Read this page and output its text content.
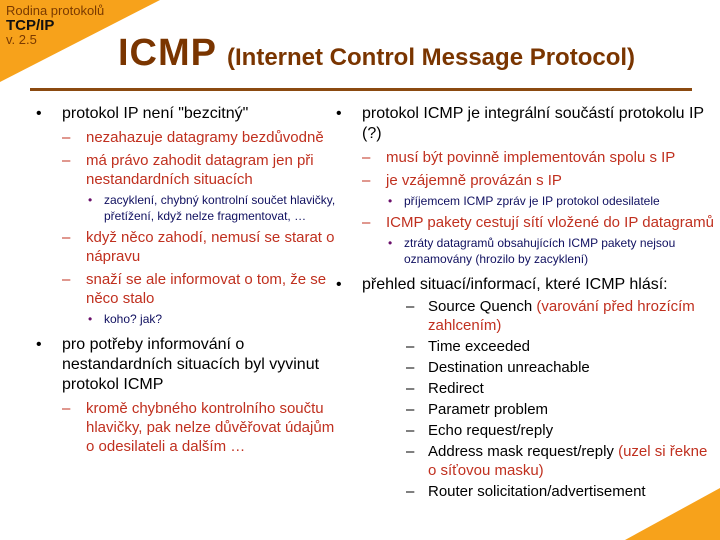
Rodina protokolů
TCP/IP
v. 2.5	ICMP (Internet Control Message Protocol)
• protokol IP není "bezcitný"
– nezahazuje datagramy bezdůvodně
– má právo zahodit datagram jen při nestandardních situacích
• zacyklení, chybný kontrolní součet hlavičky, přetížení, když nelze fragmentovat, …
– když něco zahodí, nemusí se starat o nápravu
– snaží se ale informovat o tom, že se něco stalo
• koho? jak?
• pro potřeby informování o nestandardních situacích byl vyvinut protokol ICMP
– kromě chybného kontrolního součtu hlavičky, pak nelze důvěřovat údajům o odesilateli a dalším …
• protokol ICMP je integrální součástí protokolu IP (?)
– musí být povinně implementován spolu s IP
– je vzájemně provázán s IP
• příjemcem ICMP zpráv je IP protokol odesilatele
– ICMP pakety cestují sítí vložené do IP datagramů
• ztráty datagramů obsahujících ICMP pakety nejsou oznamovány (hrozilo by zacyklení)
• přehled situací/informací, které ICMP hlásí:
– Source Quench (varování před hrozícím zahlcením)
– Time exceeded
– Destination unreachable
– Redirect
– Parametr problem
– Echo request/reply
– Address mask request/reply (uzel si řekne o síťovou masku)
– Router solicitation/advertisement
